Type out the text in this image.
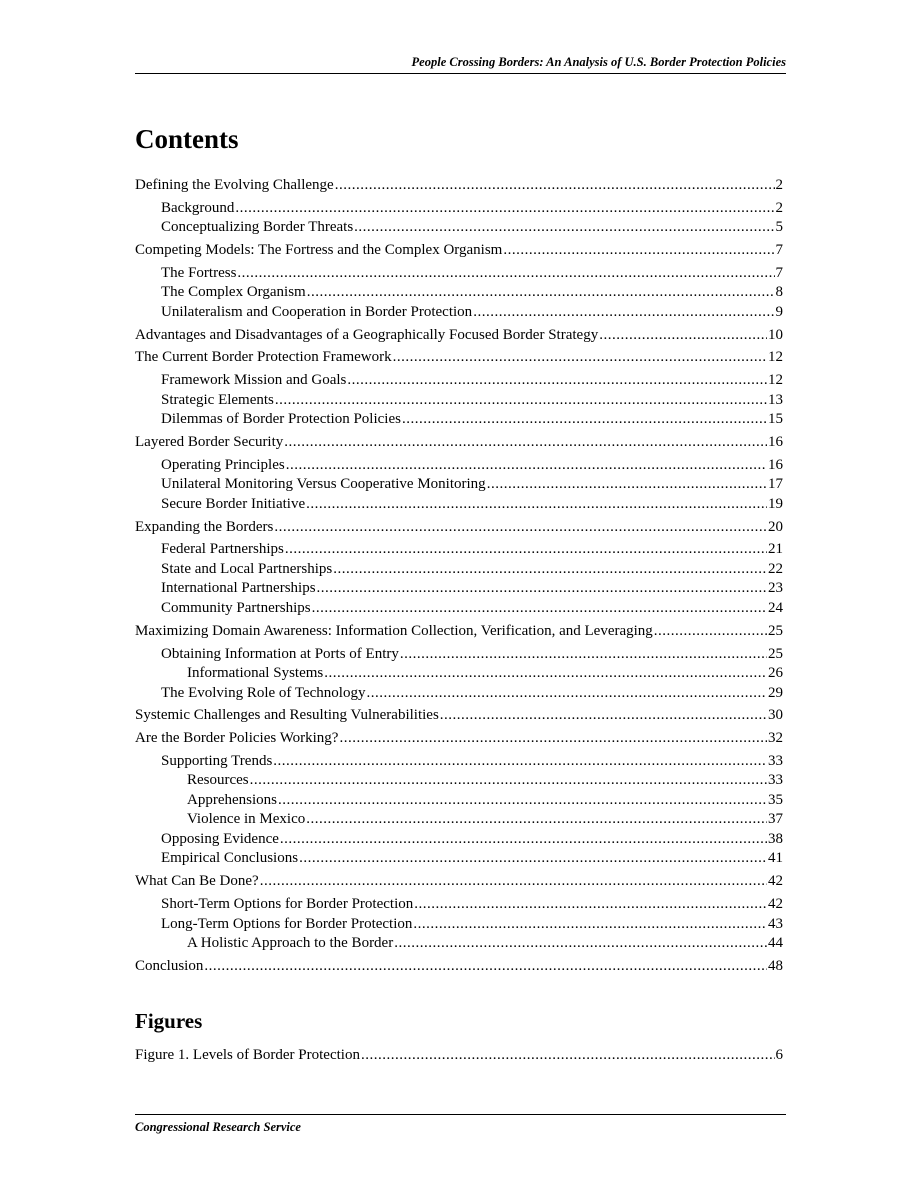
People Crossing Borders: An Analysis of U.S. Border Protection Policies
Contents
Defining the Evolving Challenge .....	2
Background .....	2
Conceptualizing Border Threats .....	5
Competing Models: The Fortress and the Complex Organism .....	7
The Fortress .....	7
The Complex Organism .....	8
Unilateralism and Cooperation in Border Protection .....	9
Advantages and Disadvantages of a Geographically Focused Border Strategy .....	10
The Current Border Protection Framework .....	12
Framework Mission and Goals .....	12
Strategic Elements .....	13
Dilemmas of Border Protection Policies .....	15
Layered Border Security .....	16
Operating Principles .....	16
Unilateral Monitoring Versus Cooperative Monitoring .....	17
Secure Border Initiative .....	19
Expanding the Borders .....	20
Federal Partnerships .....	21
State and Local Partnerships .....	22
International Partnerships .....	23
Community Partnerships .....	24
Maximizing Domain Awareness: Information Collection, Verification, and Leveraging .....	25
Obtaining Information at Ports of Entry .....	25
Informational Systems .....	26
The Evolving Role of Technology .....	29
Systemic Challenges and Resulting Vulnerabilities .....	30
Are the Border Policies Working? .....	32
Supporting Trends .....	33
Resources .....	33
Apprehensions .....	35
Violence in Mexico .....	37
Opposing Evidence .....	38
Empirical Conclusions .....	41
What Can Be Done? .....	42
Short-Term Options for Border Protection .....	42
Long-Term Options for Border Protection .....	43
A Holistic Approach to the Border .....	44
Conclusion .....	48
Figures
Figure 1. Levels of Border Protection .....	6
Congressional Research Service
